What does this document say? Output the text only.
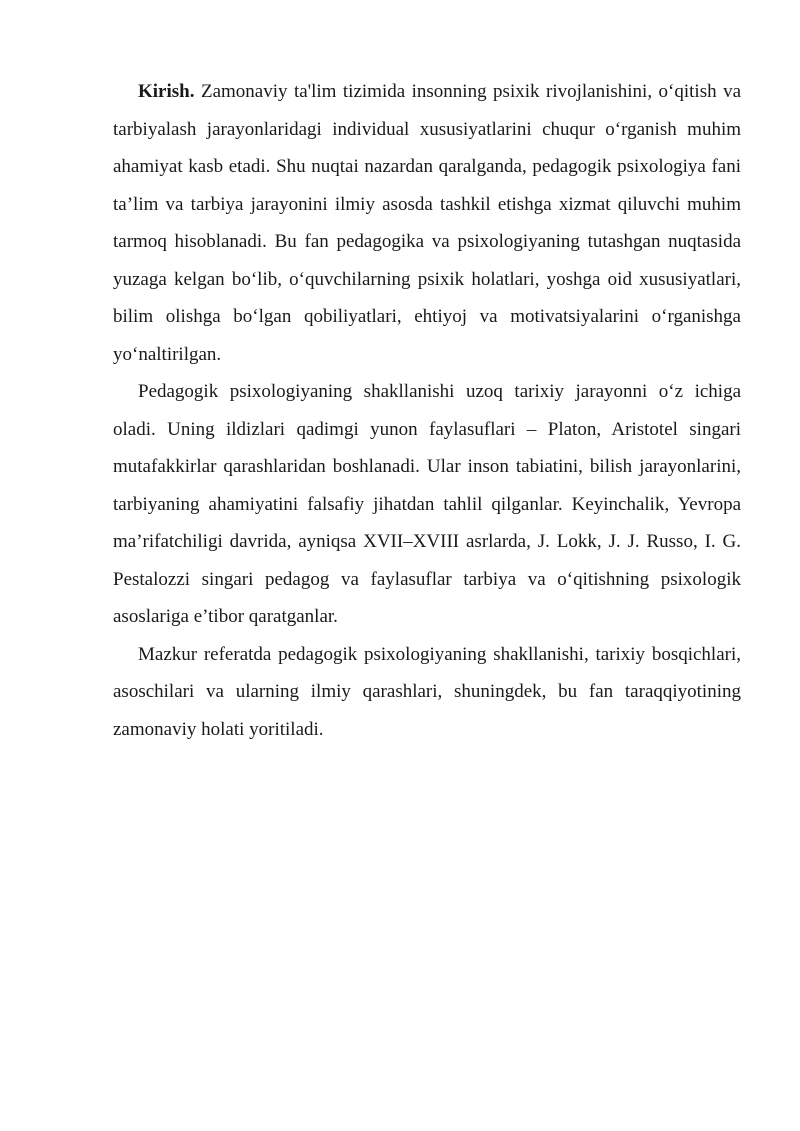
Kirish. Zamonaviy ta'lim tizimida insonning psixik rivojlanishini, o‘qitish va tarbiyalash jarayonlaridagi individual xususiyatlarini chuqur o‘rganish muhim ahamiyat kasb etadi. Shu nuqtai nazardan qaralganda, pedagogik psixologiya fani ta’lim va tarbiya jarayonini ilmiy asosda tashkil etishga xizmat qiluvchi muhim tarmoq hisoblanadi. Bu fan pedagogika va psixologiyaning tutashgan nuqtasida yuzaga kelgan bo‘lib, o‘quvchilarning psixik holatlari, yoshga oid xususiyatlari, bilim olishga bo‘lgan qobiliyatlari, ehtiyoj va motivatsiyalarini o‘rganishga yo‘naltirilgan.

Pedagogik psixologiyaning shakllanishi uzoq tarixiy jarayonni o‘z ichiga oladi. Uning ildizlari qadimgi yunon faylasuflari – Platon, Aristotel singari mutafakkirlar qarashlaridan boshlanadi. Ular inson tabiatini, bilish jarayonlarini, tarbiyaning ahamiyatini falsafiy jihatdan tahlil qilganlar. Keyinchalik, Yevropa ma’rifatchiligi davrida, ayniqsa XVII–XVIII asrlarda, J. Lokk, J. J. Russo, I. G. Pestalozzi singari pedagog va faylasuflar tarbiya va o‘qitishning psixologik asoslariga e’tibor qaratganlar.

Mazkur referatda pedagogik psixologiyaning shakllanishi, tarixiy bosqichlari, asoschilari va ularning ilmiy qarashlari, shuningdek, bu fan taraqqiyotining zamonaviy holati yoritiladi.
